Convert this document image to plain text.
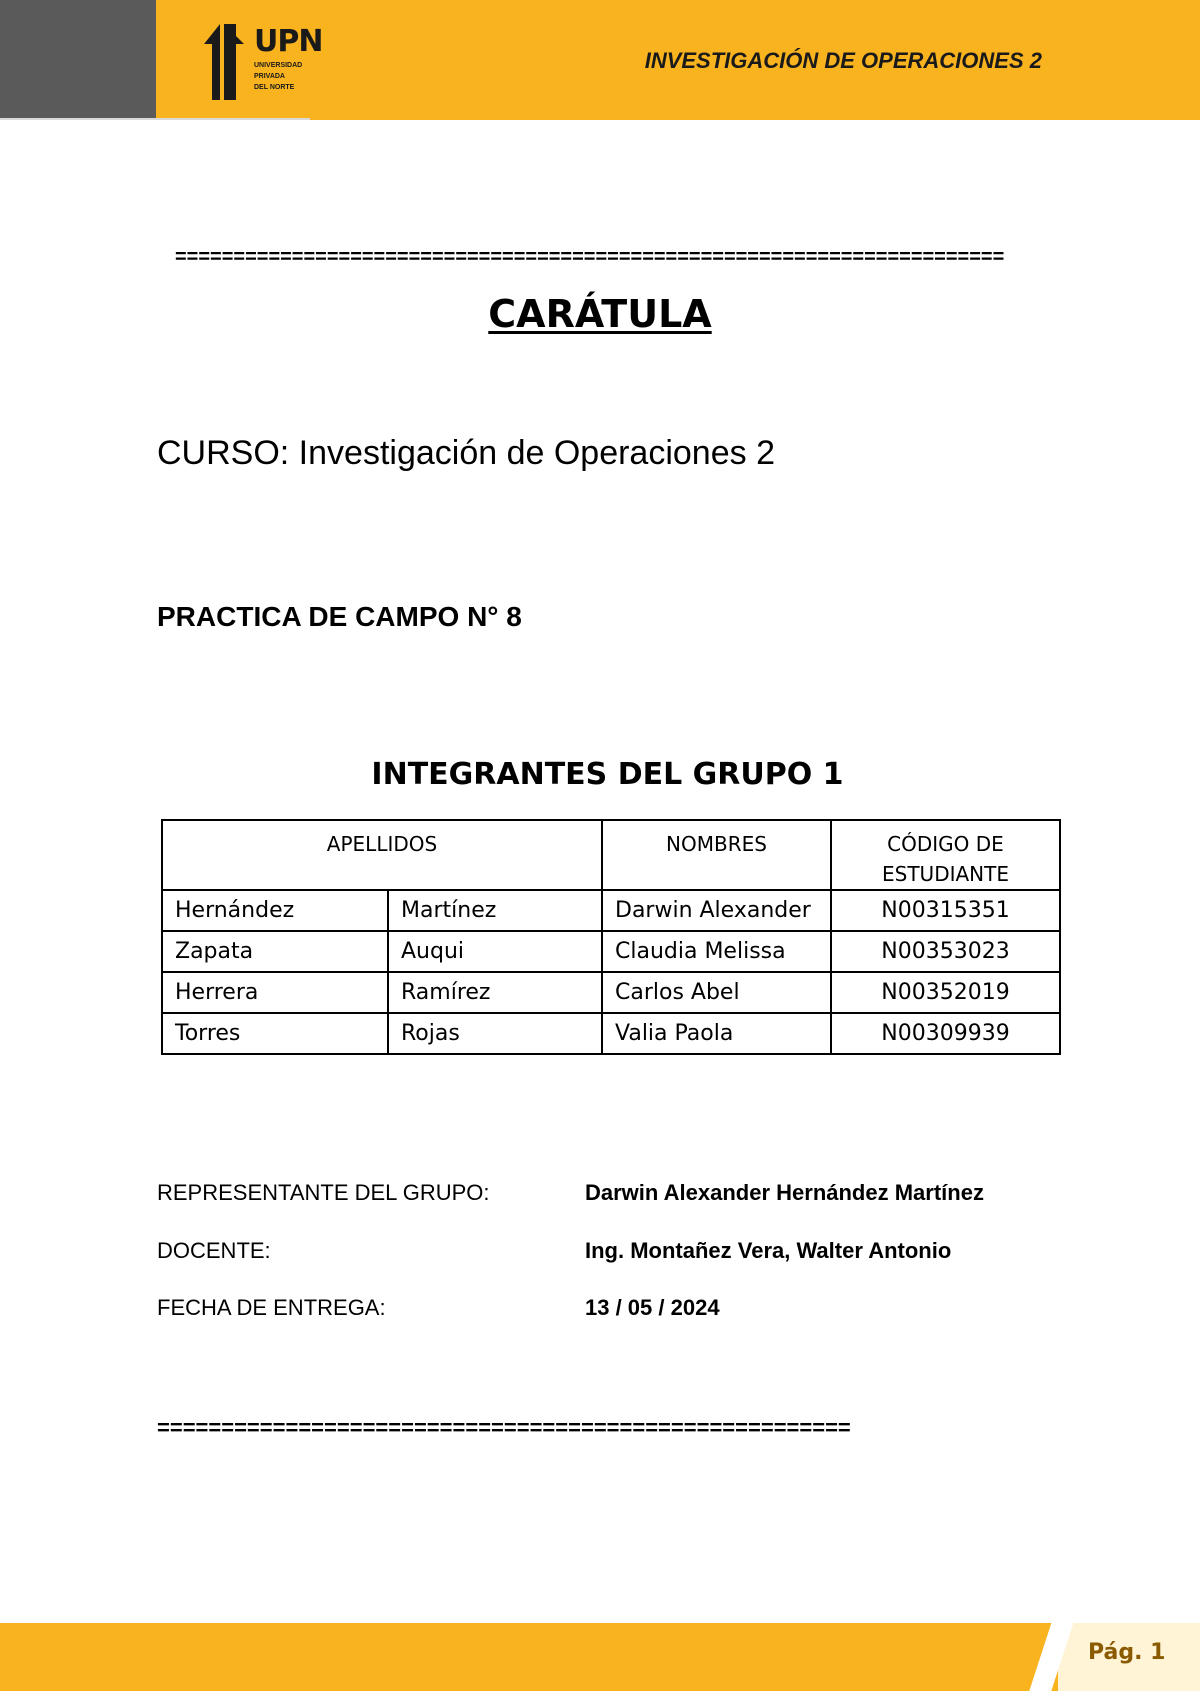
UPN
UNIVERSIDAD
PRIVADA
DEL NORTE
INVESTIGACIÓN DE OPERACIONES 2
=======================================================================
CARÁTULA
CURSO: Investigación de Operaciones 2
PRACTICA DE CAMPO N° 8
INTEGRANTES DEL GRUPO 1
APELLIDOS		NOMBRES	CÓDIGO DE
ESTUDIANTE
Hernández	Martínez	Darwin Alexander	N00315351
Zapata	Auqui	Claudia Melissa	N00353023
Herrera	Ramírez	Carlos Abel	N00352019
Torres	Rojas	Valia Paola	N00309939
REPRESENTANTE DEL GRUPO:	Darwin Alexander Hernández Martínez
DOCENTE:	Ing. Montañez Vera, Walter Antonio
FECHA DE ENTREGA:	13 / 05 / 2024
======================================================
Pág. 1
